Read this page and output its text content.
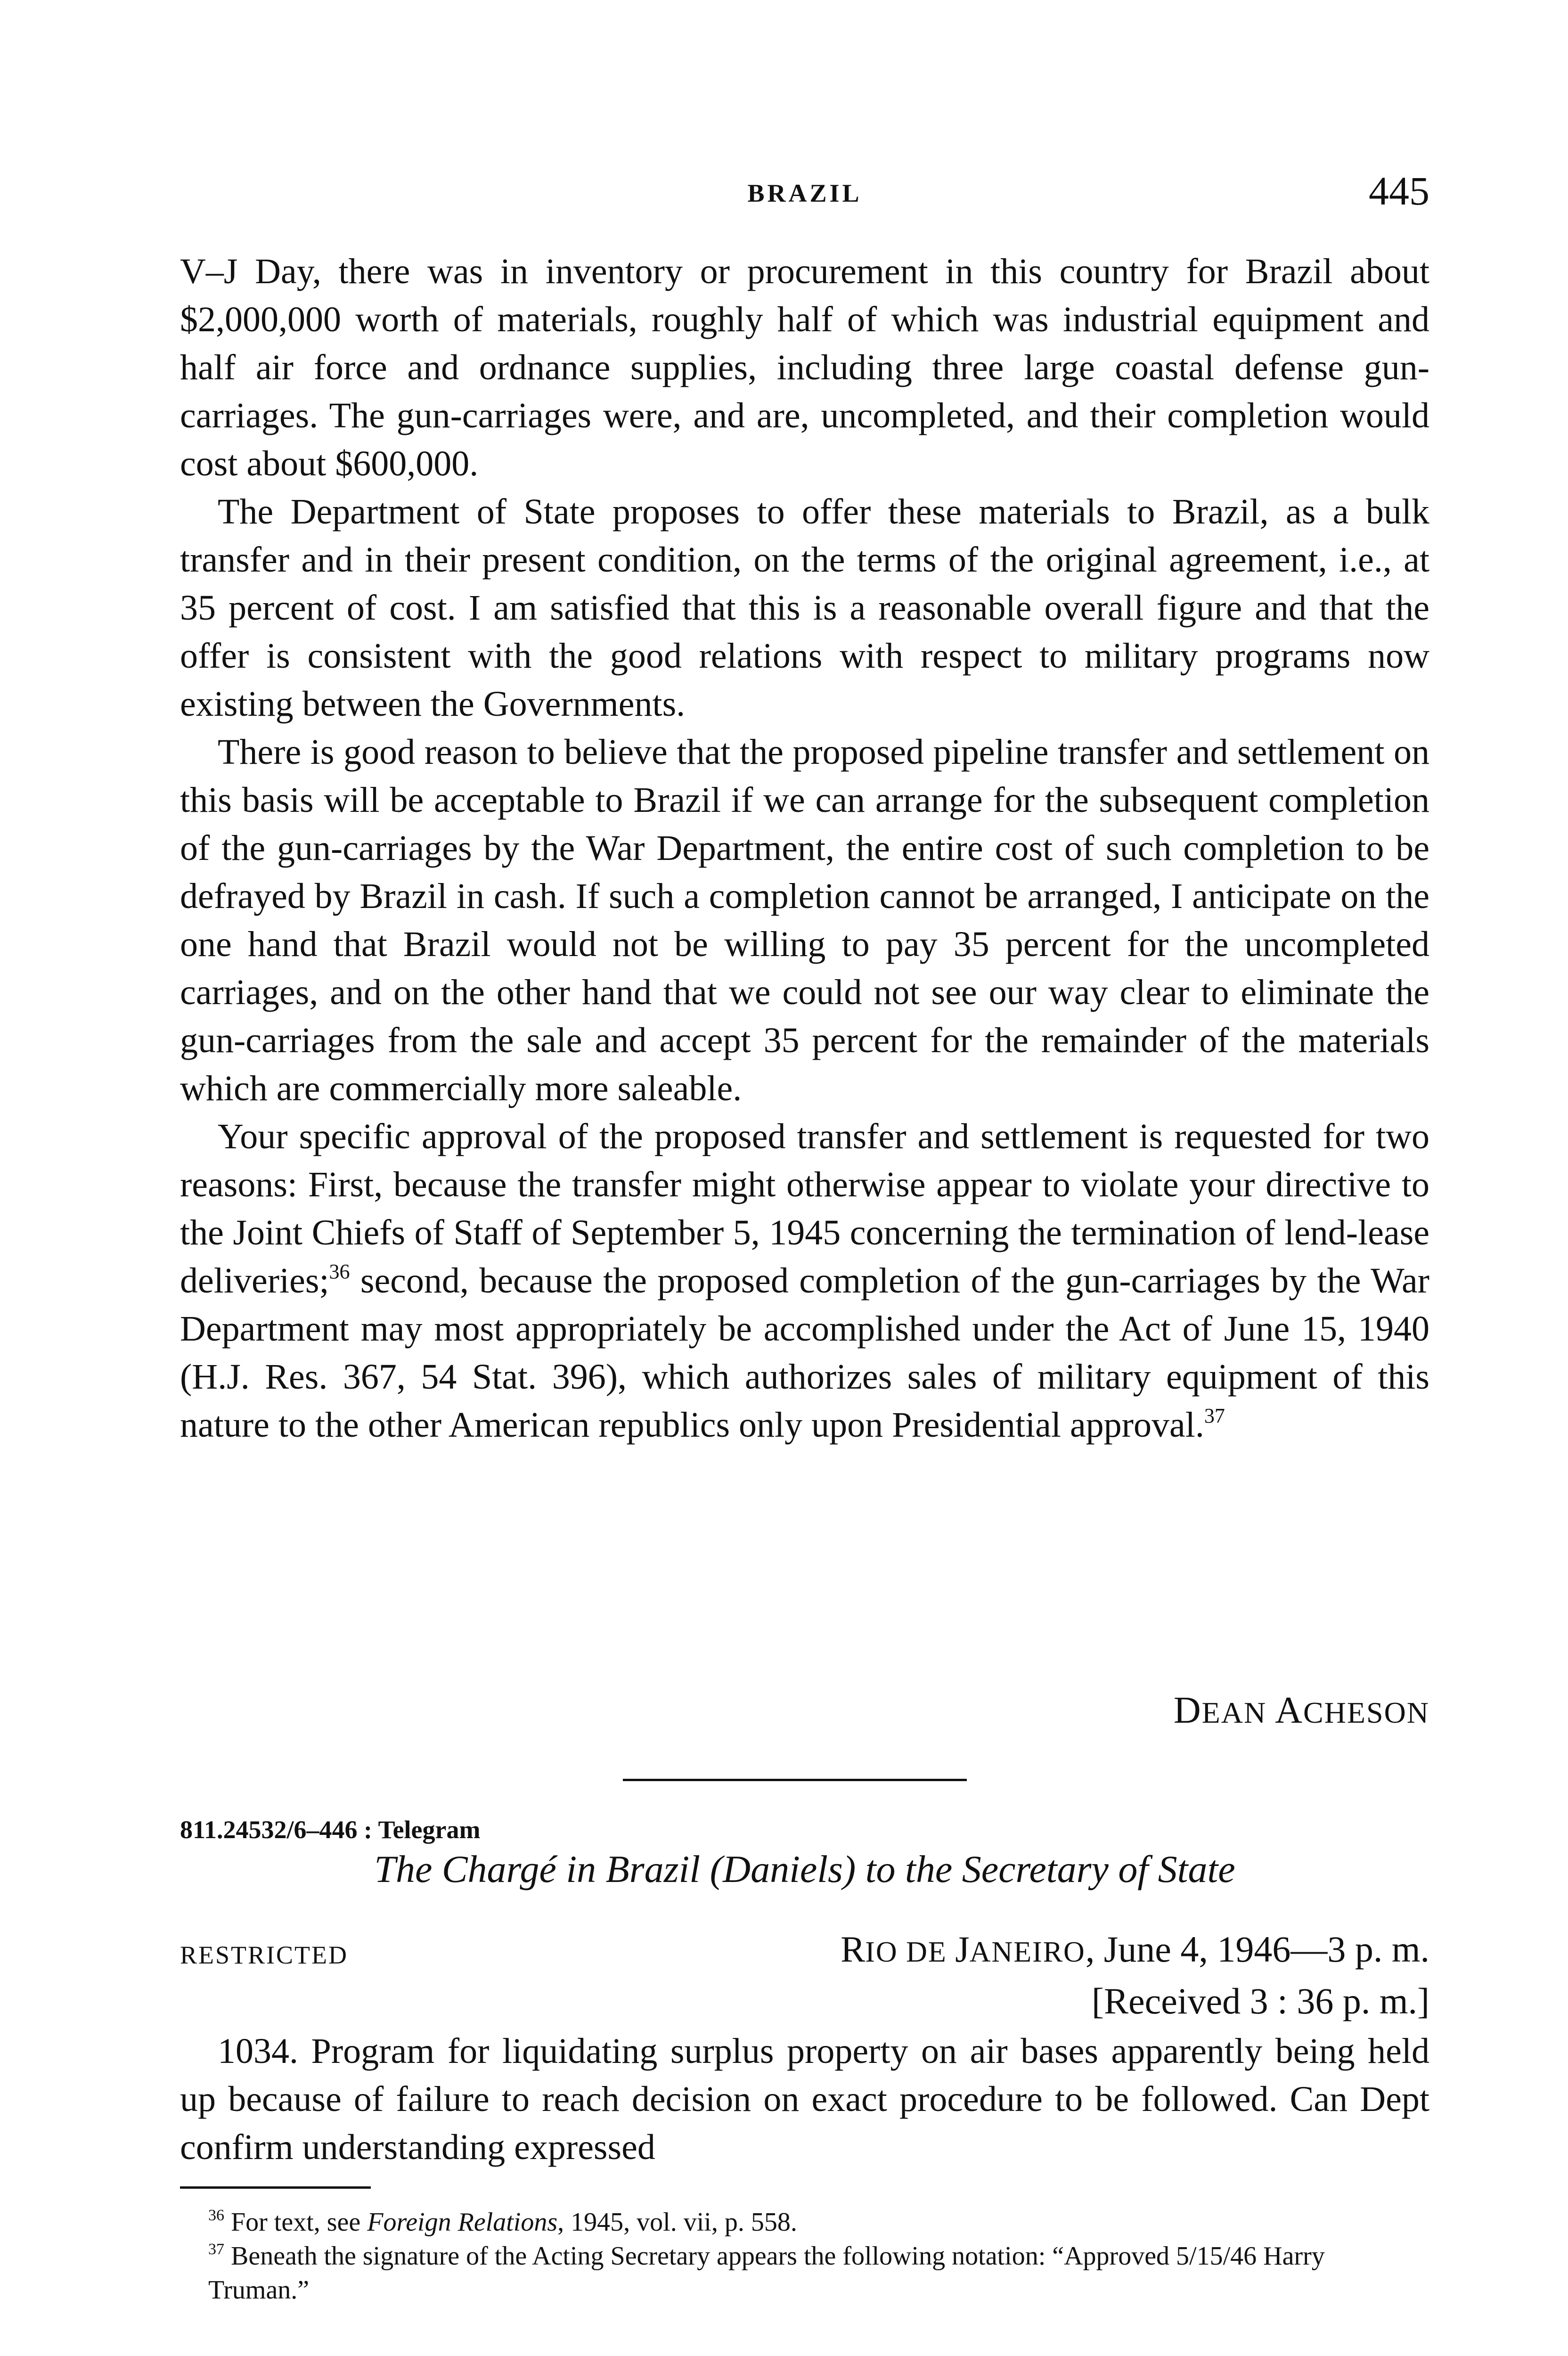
BRAZIL	445

V–J Day, there was in inventory or procurement in this country for Brazil about $2,000,000 worth of materials, roughly half of which was industrial equipment and half air force and ordnance supplies, including three large coastal defense gun-carriages. The gun-carriages were, and are, uncompleted, and their completion would cost about $600,000.

The Department of State proposes to offer these materials to Brazil, as a bulk transfer and in their present condition, on the terms of the original agreement, i.e., at 35 percent of cost. I am satisfied that this is a reasonable overall figure and that the offer is consistent with the good relations with respect to military programs now existing between the Governments.

There is good reason to believe that the proposed pipeline transfer and settlement on this basis will be acceptable to Brazil if we can arrange for the subsequent completion of the gun-carriages by the War Department, the entire cost of such completion to be defrayed by Brazil in cash. If such a completion cannot be arranged, I anticipate on the one hand that Brazil would not be willing to pay 35 percent for the uncompleted carriages, and on the other hand that we could not see our way clear to eliminate the gun-carriages from the sale and accept 35 percent for the remainder of the materials which are commercially more saleable.

Your specific approval of the proposed transfer and settlement is requested for two reasons: First, because the transfer might otherwise appear to violate your directive to the Joint Chiefs of Staff of September 5, 1945 concerning the termination of lend-lease deliveries;$^{36}$ second, because the proposed completion of the gun-carriages by the War Department may most appropriately be accomplished under the Act of June 15, 1940 (H.J. Res. 367, 54 Stat. 396), which authorizes sales of military equipment of this nature to the other American republics only upon Presidential approval.$^{37}$

DEAN ACHESON
811.24532/6–446 : Telegram
The Chargé in Brazil (Daniels) to the Secretary of State
RESTRICTED	RIO DE JANEIRO, June 4, 1946—3 p. m.
[Received 3 : 36 p. m.]

1034. Program for liquidating surplus property on air bases apparently being held up because of failure to reach decision on exact procedure to be followed. Can Dept confirm understanding expressed

$^{36}$ For text, see Foreign Relations, 1945, vol. vii, p. 558.

$^{37}$ Beneath the signature of the Acting Secretary appears the following notation: “Approved 5/15/46 Harry Truman.”
